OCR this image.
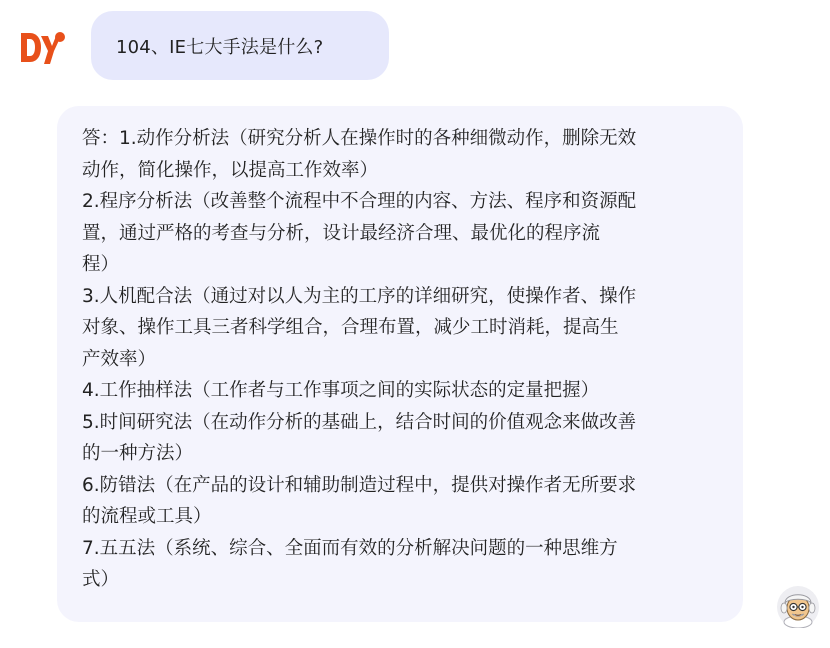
104、IE七大手法是什么?
答：1.动作分析法（研究分析人在操作时的各种细微动作，删除无效
动作，简化操作，以提高工作效率）
2.程序分析法（改善整个流程中不合理的内容、方法、程序和资源配
置，通过严格的考查与分析，设计最经济合理、最优化的程序流
程）
3.人机配合法（通过对以人为主的工序的详细研究，使操作者、操作
对象、操作工具三者科学组合，合理布置，减少工时消耗，提高生
产效率）
4.工作抽样法（工作者与工作事项之间的实际状态的定量把握）
5.时间研究法（在动作分析的基础上，结合时间的价值观念来做改善
的一种方法）
6.防错法（在产品的设计和辅助制造过程中，提供对操作者无所要求
的流程或工具）
7.五五法（系统、综合、全面而有效的分析解决问题的一种思维方
式）
